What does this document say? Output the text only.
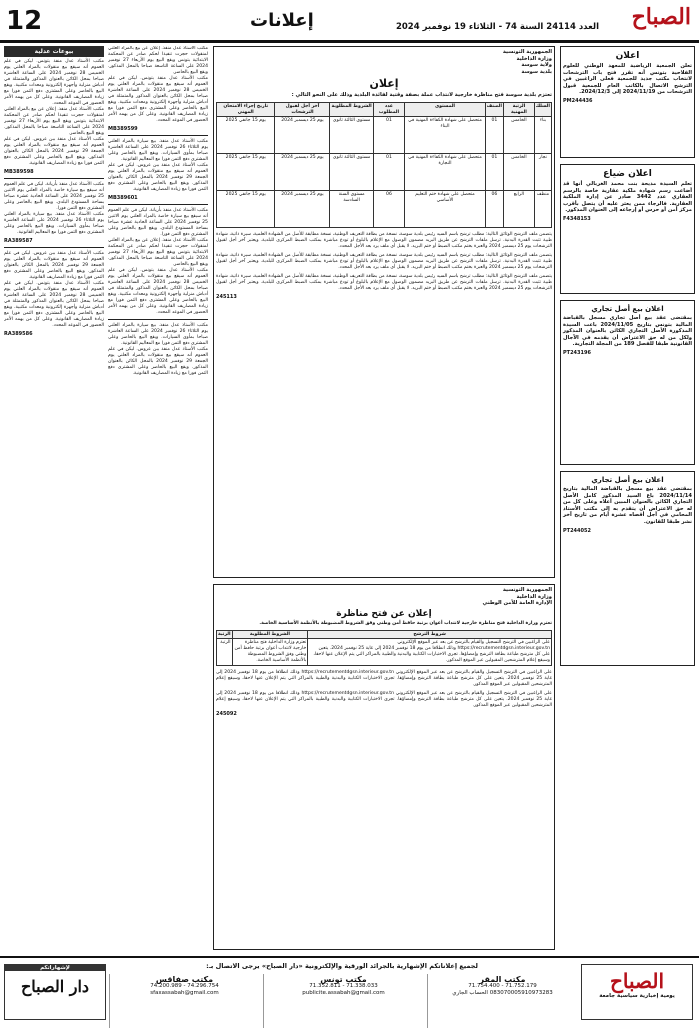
12	إعلانات	الصباح
العدد 24114 السنة 74 - الثلاثاء 19 نوفمبر 2024
اعلان
تعلن الجمعية الرياضية للمعهد الوطني للعلوم الفلاحية بتونس أنه تقرر فتح باب الترشحات لانتخاب مكتب جديد للجمعية فعلى الراغبين في الترشح الاتصال بالكاتب العام للجمعية قبول الترشحات من 2024/11/19 إلى 2024/12/3.
PM244436
اعلان ضياع
تعلم السيدة مديحة بنت محمد الغربالي أنها قد أضاعت رسم شهادة ملكية عقارية خاصة بالرسم العقاري عدد 3442 صادر عن إدارة الملكية العقارية. فالرجاء ممن يعثر عليه أن يتصل بأقرب مركز أمن أو حرس أو إرجاعه إلى العنوان المذكور.
F4348153
اعلان بيع أصل تجاري
بمقتضى عقد بيع أصل تجاري مسجل بالقباضة المالية بتونس بتاريخ 2024/11/05 باعت السيدة المذكورة الأصل التجاري الكائن بالعنوان المذكور ولكل من له حق الاعتراض أن يقدمه في الآجال القانونية طبقا للفصل 189 من المجلة التجارية.
PT243196
اعلان بيع أصل تجاري
بمقتضى عقد بيع مسجل بالقباضة المالية بتاريخ 2024/11/14 باع السيد المذكور كامل الأصل التجاري الكائن بالعنوان المبين أعلاه وعلى كل من له حق الاعتراض أن يتقدم به إلى مكتب الأستاذ المحامي في أجل أقصاه عشرة أيام من تاريخ آخر نشر طبقا للقانون.
PT244052
الجمهورية التونسية
وزارة الداخلية
ولاية سوسة
بلدية سوسة
إعلان
تعتزم بلدية سوسة فتح مناظرة خارجية لانتداب عملة بصفة وقتية لفائدة البلدية وذلك على النحو التالي :
السلك	الرتبة المهنية	الصنف	المستوى	عدد المطلوب	الشروط المطلوبة	آخر أجل لقبول الترشحات	تاريخ إجراء الامتحان المهني
بناء	الخامس	01	متحصل على شهادة الكفاءة المهنية في البناء	01	مستوى الثالثة ثانوي	يوم 25 ديسمبر 2024	يوم 15 جانفي 2025
نجار	الخامس	01	متحصل على شهادة الكفاءة المهنية في النجارة	01	مستوى الثالثة ثانوي	يوم 25 ديسمبر 2024	يوم 15 جانفي 2025
منظف	الرابع	06	متحصل على شهادة ختم التعليم الأساسي	06	مستوى السنة السادسة	يوم 25 ديسمبر 2024	يوم 15 جانفي 2025
يتضمن ملف الترشح الوثائق التالية: مطلب ترشح باسم السيد رئيس بلدية سوسة، نسخة من بطاقة التعريف الوطنية، نسخة مطابقة للأصل من الشهادة العلمية، سيرة ذاتية، شهادة طبية تثبت القدرة البدنية. ترسل ملفات الترشح عن طريق البريد مضمون الوصول مع الإعلام بالبلوغ أو تودع مباشرة بمكتب الضبط المركزي للبلدية. ويعتبر آخر أجل لقبول الترشحات يوم 25 ديسمبر 2024 والعبرة بختم مكتب الضبط أو ختم البريد. لا يقبل أي ملف يرد بعد الأجل المحدد.
يتضمن ملف الترشح الوثائق التالية: مطلب ترشح باسم السيد رئيس بلدية سوسة، نسخة من بطاقة التعريف الوطنية، نسخة مطابقة للأصل من الشهادة العلمية، سيرة ذاتية، شهادة طبية تثبت القدرة البدنية. ترسل ملفات الترشح عن طريق البريد مضمون الوصول مع الإعلام بالبلوغ أو تودع مباشرة بمكتب الضبط المركزي للبلدية. ويعتبر آخر أجل لقبول الترشحات يوم 25 ديسمبر 2024 والعبرة بختم مكتب الضبط أو ختم البريد. لا يقبل أي ملف يرد بعد الأجل المحدد.
يتضمن ملف الترشح الوثائق التالية: مطلب ترشح باسم السيد رئيس بلدية سوسة، نسخة من بطاقة التعريف الوطنية، نسخة مطابقة للأصل من الشهادة العلمية، سيرة ذاتية، شهادة طبية تثبت القدرة البدنية. ترسل ملفات الترشح عن طريق البريد مضمون الوصول مع الإعلام بالبلوغ أو تودع مباشرة بمكتب الضبط المركزي للبلدية. ويعتبر آخر أجل لقبول الترشحات يوم 25 ديسمبر 2024 والعبرة بختم مكتب الضبط أو ختم البريد. لا يقبل أي ملف يرد بعد الأجل المحدد.
245113
الجمهورية التونسية
وزارة الداخلية
الإدارة العامة للأمن الوطني
إعلان عن فتح مناظرة
تعتزم وزارة الداخلية فتح مناظرة خارجية لانتداب أعوان برتبة حافظ أمن وطني وفق الشروط المضبوطة بالأنظمة الأساسية الخاصة.
شروط الترشح	الشروط المطلوبة	الرتبة
على الراغبين في الترشح التسجيل والقيام بالترشح عن بعد عبر الموقع الإلكتروني https://recrutementdgsn.interieur.gov.tn وذلك انطلاقا من يوم 18 نوفمبر 2024 إلى غاية 25 نوفمبر 2024. يتعين على كل مترشح طباعة بطاقة الترشح وإمضاؤها. تجرى الاختبارات الكتابية والبدنية والطبية بالمراكز التي يتم الإعلان عنها لاحقا، وسيقع إعلام المترشحين المقبولين عبر الموقع المذكور.	تعتزم وزارة الداخلية فتح مناظرة خارجية لانتداب أعوان برتبة حافظ أمن وطني وفق الشروط المضبوطة بالأنظمة الأساسية الخاصة.	الرتبة
على الراغبين في الترشح التسجيل والقيام بالترشح عن بعد عبر الموقع الإلكتروني https://recrutementdgsn.interieur.gov.tn وذلك انطلاقا من يوم 18 نوفمبر 2024 إلى غاية 25 نوفمبر 2024. يتعين على كل مترشح طباعة بطاقة الترشح وإمضاؤها. تجرى الاختبارات الكتابية والبدنية والطبية بالمراكز التي يتم الإعلان عنها لاحقا، وسيقع إعلام المترشحين المقبولين عبر الموقع المذكور.
على الراغبين في الترشح التسجيل والقيام بالترشح عن بعد عبر الموقع الإلكتروني https://recrutementdgsn.interieur.gov.tn وذلك انطلاقا من يوم 18 نوفمبر 2024 إلى غاية 25 نوفمبر 2024. يتعين على كل مترشح طباعة بطاقة الترشح وإمضاؤها. تجرى الاختبارات الكتابية والبدنية والطبية بالمراكز التي يتم الإعلان عنها لاحقا، وسيقع إعلام المترشحين المقبولين عبر الموقع المذكور.
245092
مكتب الأستاذ عدل منفذ. إعلان عن بيع بالمزاد العلني لمنقولات حجزت تنفيذا لحكم صادر عن المحكمة الابتدائية بتونس ويقع البيع يوم الأربعاء 27 نوفمبر 2024 على الساعة التاسعة صباحا بالمحل المذكور. ويقع البيع بالحاضر.
مكتب الأستاذ عدل منفذ بتونس. ليكن في علم العموم أنه سيقع بيع منقولات بالمزاد العلني يوم الخميس 28 نوفمبر 2024 على الساعة العاشرة صباحا بمحل الكائن بالعنوان المذكور والمتمثلة في أدباش منزلية وأجهزة إلكترونية ومعدات مكتبية. ويقع البيع بالحاضر وعلى المشتري دفع الثمن فورا مع زيادة المصاريف القانونية. وعلى كل من يهمه الأمر الحضور في الموعد المحدد.
MB389599
مكتب الأستاذ عدل منفذ. بيع سيارة بالمزاد العلني يوم الثلاثاء 26 نوفمبر 2024 على الساعة العاشرة صباحا بمأوى السيارات. ويقع البيع بالحاضر وعلى المشتري دفع الثمن فورا مع المعاليم القانونية.
مكتب الأستاذ عدل منفذ ببن عروس. ليكن في علم العموم أنه سيقع بيع منقولات بالمزاد العلني يوم الجمعة 29 نوفمبر 2024 بالمحل الكائن بالعنوان المذكور. ويقع البيع بالحاضر وعلى المشتري دفع الثمن فورا مع زيادة المصاريف القانونية.
MB389601
مكتب الأستاذ عدل منفذ بأريانة. ليكن في علم العموم أنه سيقع بيع سيارة خاصة بالمزاد العلني يوم الاثنين 25 نوفمبر 2024 على الساعة الحادية عشرة صباحا بساحة المستودع البلدي. ويقع البيع بالحاضر وعلى المشتري دفع الثمن فورا.
مكتب الأستاذ عدل منفذ. إعلان عن بيع بالمزاد العلني لمنقولات حجزت تنفيذا لحكم صادر عن المحكمة الابتدائية بتونس ويقع البيع يوم الأربعاء 27 نوفمبر 2024 على الساعة التاسعة صباحا بالمحل المذكور. ويقع البيع بالحاضر.
مكتب الأستاذ عدل منفذ بتونس. ليكن في علم العموم أنه سيقع بيع منقولات بالمزاد العلني يوم الخميس 28 نوفمبر 2024 على الساعة العاشرة صباحا بمحل الكائن بالعنوان المذكور والمتمثلة في أدباش منزلية وأجهزة إلكترونية ومعدات مكتبية. ويقع البيع بالحاضر وعلى المشتري دفع الثمن فورا مع زيادة المصاريف القانونية. وعلى كل من يهمه الأمر الحضور في الموعد المحدد.
مكتب الأستاذ عدل منفذ. بيع سيارة بالمزاد العلني يوم الثلاثاء 26 نوفمبر 2024 على الساعة العاشرة صباحا بمأوى السيارات. ويقع البيع بالحاضر وعلى المشتري دفع الثمن فورا مع المعاليم القانونية.
مكتب الأستاذ عدل منفذ ببن عروس. ليكن في علم العموم أنه سيقع بيع منقولات بالمزاد العلني يوم الجمعة 29 نوفمبر 2024 بالمحل الكائن بالعنوان المذكور. ويقع البيع بالحاضر وعلى المشتري دفع الثمن فورا مع زيادة المصاريف القانونية.
بيوعات عدلية
مكتب الأستاذ عدل منفذ بتونس. ليكن في علم العموم أنه سيقع بيع منقولات بالمزاد العلني يوم الخميس 28 نوفمبر 2024 على الساعة العاشرة صباحا بمحل الكائن بالعنوان المذكور والمتمثلة في أدباش منزلية وأجهزة إلكترونية ومعدات مكتبية. ويقع البيع بالحاضر وعلى المشتري دفع الثمن فورا مع زيادة المصاريف القانونية. وعلى كل من يهمه الأمر الحضور في الموعد المحدد.
مكتب الأستاذ عدل منفذ. إعلان عن بيع بالمزاد العلني لمنقولات حجزت تنفيذا لحكم صادر عن المحكمة الابتدائية بتونس ويقع البيع يوم الأربعاء 27 نوفمبر 2024 على الساعة التاسعة صباحا بالمحل المذكور. ويقع البيع بالحاضر.
مكتب الأستاذ عدل منفذ ببن عروس. ليكن في علم العموم أنه سيقع بيع منقولات بالمزاد العلني يوم الجمعة 29 نوفمبر 2024 بالمحل الكائن بالعنوان المذكور. ويقع البيع بالحاضر وعلى المشتري دفع الثمن فورا مع زيادة المصاريف القانونية.
MB389598
مكتب الأستاذ عدل منفذ بأريانة. ليكن في علم العموم أنه سيقع بيع سيارة خاصة بالمزاد العلني يوم الاثنين 25 نوفمبر 2024 على الساعة الحادية عشرة صباحا بساحة المستودع البلدي. ويقع البيع بالحاضر وعلى المشتري دفع الثمن فورا.
مكتب الأستاذ عدل منفذ. بيع سيارة بالمزاد العلني يوم الثلاثاء 26 نوفمبر 2024 على الساعة العاشرة صباحا بمأوى السيارات. ويقع البيع بالحاضر وعلى المشتري دفع الثمن فورا مع المعاليم القانونية.
RA389587
مكتب الأستاذ عدل منفذ ببن عروس. ليكن في علم العموم أنه سيقع بيع منقولات بالمزاد العلني يوم الجمعة 29 نوفمبر 2024 بالمحل الكائن بالعنوان المذكور. ويقع البيع بالحاضر وعلى المشتري دفع الثمن فورا مع زيادة المصاريف القانونية.
مكتب الأستاذ عدل منفذ بتونس. ليكن في علم العموم أنه سيقع بيع منقولات بالمزاد العلني يوم الخميس 28 نوفمبر 2024 على الساعة العاشرة صباحا بمحل الكائن بالعنوان المذكور والمتمثلة في أدباش منزلية وأجهزة إلكترونية ومعدات مكتبية. ويقع البيع بالحاضر وعلى المشتري دفع الثمن فورا مع زيادة المصاريف القانونية. وعلى كل من يهمه الأمر الحضور في الموعد المحدد.
RA389586
الصباح
يومية إخبارية سياسية جامعة
لجميع إعلاناتكم الإشهارية بالجرائد الورقية والإلكترونية «دار الصباح» يرجى الاتصال بـ:
مكتب المقر
71.752.179 - 71.754.400
083070005910973283 الحساب الجاري
مكتب تونس
71.338.033 - 71.352.811
publicite.assabah@gmail.com
مكتب صفاقس
74.296.754 - 74.200.989
sfaxassabah@gmail.com
لإشهاراتكم
دار الصباح
